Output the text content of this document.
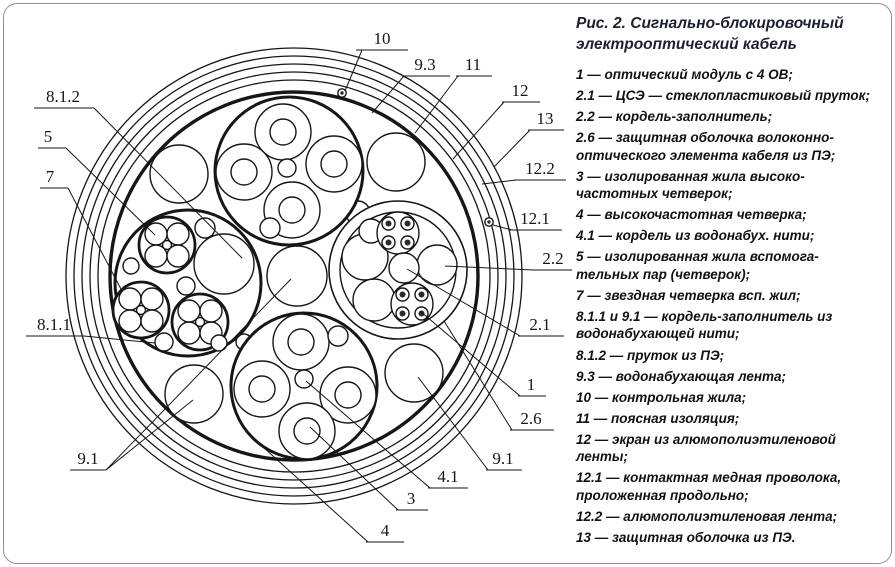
8.1.2
5
7
8.1.1
9.1
10
9.3 11
12
13
12.2
12.1
2.2
2.1
1
2.6
9.1
4.1
3
4
Рис. 2. Сигнально-блокировочный электрооптический кабель
1 — оптический модуль с 4 ОВ;
2.1 — ЦСЭ — стеклопластиковый пруток;
2.2 — кордель-заполнитель;
2.6 — защитная оболочка волоконно-оптического элемента кабеля из ПЭ;
3 — изолированная жила высоко-частотных четверок;
4 — высокочастотная четверка;
4.1 — кордель из водонабух. нити;
5 — изолированная жила вспомога-тельных пар (четверок);
7 — звездная четверка всп. жил;
8.1.1 и 9.1 — кордель-заполнитель из водонабухающей нити;
8.1.2 — пруток из ПЭ;
9.3 — водонабухающая лента;
10 — контрольная жила;
11 — поясная изоляция;
12 — экран из алюмополиэтиленовой ленты;
12.1 — контактная медная проволока, проложенная продольно;
12.2 — алюмополиэтиленовая лента;
13 — защитная оболочка из ПЭ.
